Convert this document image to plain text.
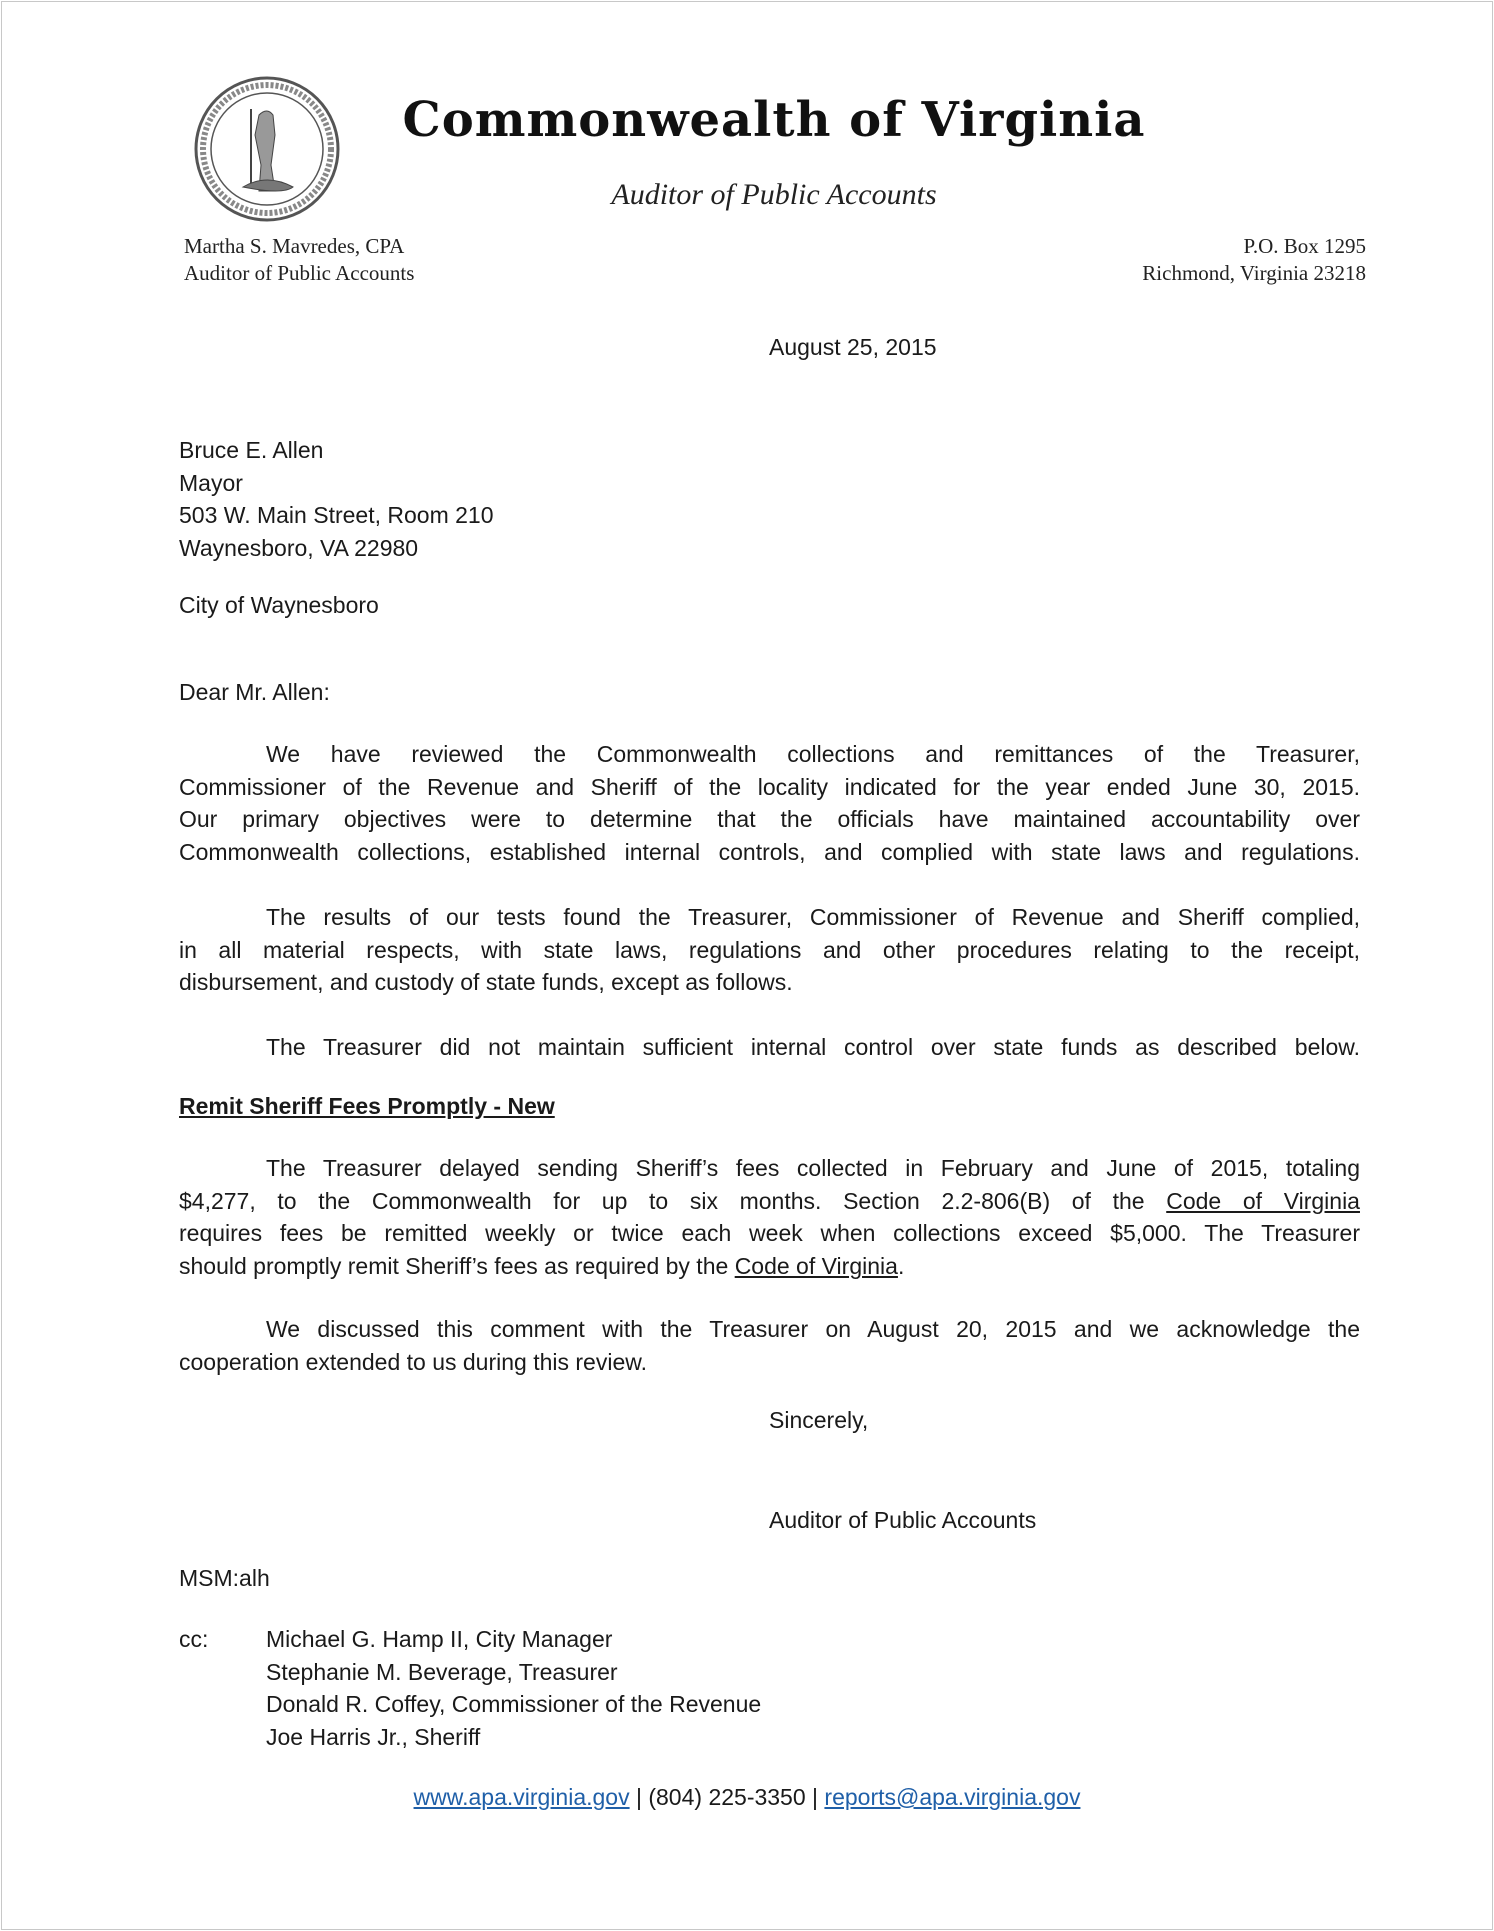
Commonwealth of Virginia
Auditor of Public Accounts
Martha S. Mavredes, CPA
Auditor of Public Accounts
P.O. Box 1295
Richmond, Virginia 23218
August 25, 2015
Bruce E. Allen
Mayor
503 W. Main Street, Room 210
Waynesboro, VA 22980
City of Waynesboro
Dear Mr. Allen:
We have reviewed the Commonwealth collections and remittances of the Treasurer,
Commissioner of the Revenue and Sheriff of the locality indicated for the year ended June 30, 2015.
Our primary objectives were to determine that the officials have maintained accountability over
Commonwealth collections, established internal controls, and complied with state laws and regulations.
The results of our tests found the Treasurer, Commissioner of Revenue and Sheriff complied,
in all material respects, with state laws, regulations and other procedures relating to the receipt,
disbursement, and custody of state funds, except as follows.
The Treasurer did not maintain sufficient internal control over state funds as described below.
Remit Sheriff Fees Promptly - New
The Treasurer delayed sending Sheriff’s fees collected in February and June of 2015, totaling
$4,277, to the Commonwealth for up to six months. Section 2.2-806(B) of the Code of Virginia
requires fees be remitted weekly or twice each week when collections exceed $5,000. The Treasurer
should promptly remit Sheriff’s fees as required by the Code of Virginia.
We discussed this comment with the Treasurer on August 20, 2015 and we acknowledge the
cooperation extended to us during this review.
Sincerely,
Auditor of Public Accounts
MSM:alh
cc:	Michael G. Hamp II, City Manager
Stephanie M. Beverage, Treasurer
Donald R. Coffey, Commissioner of the Revenue
Joe Harris Jr., Sheriff
www.apa.virginia.gov | (804) 225-3350 | reports@apa.virginia.gov
